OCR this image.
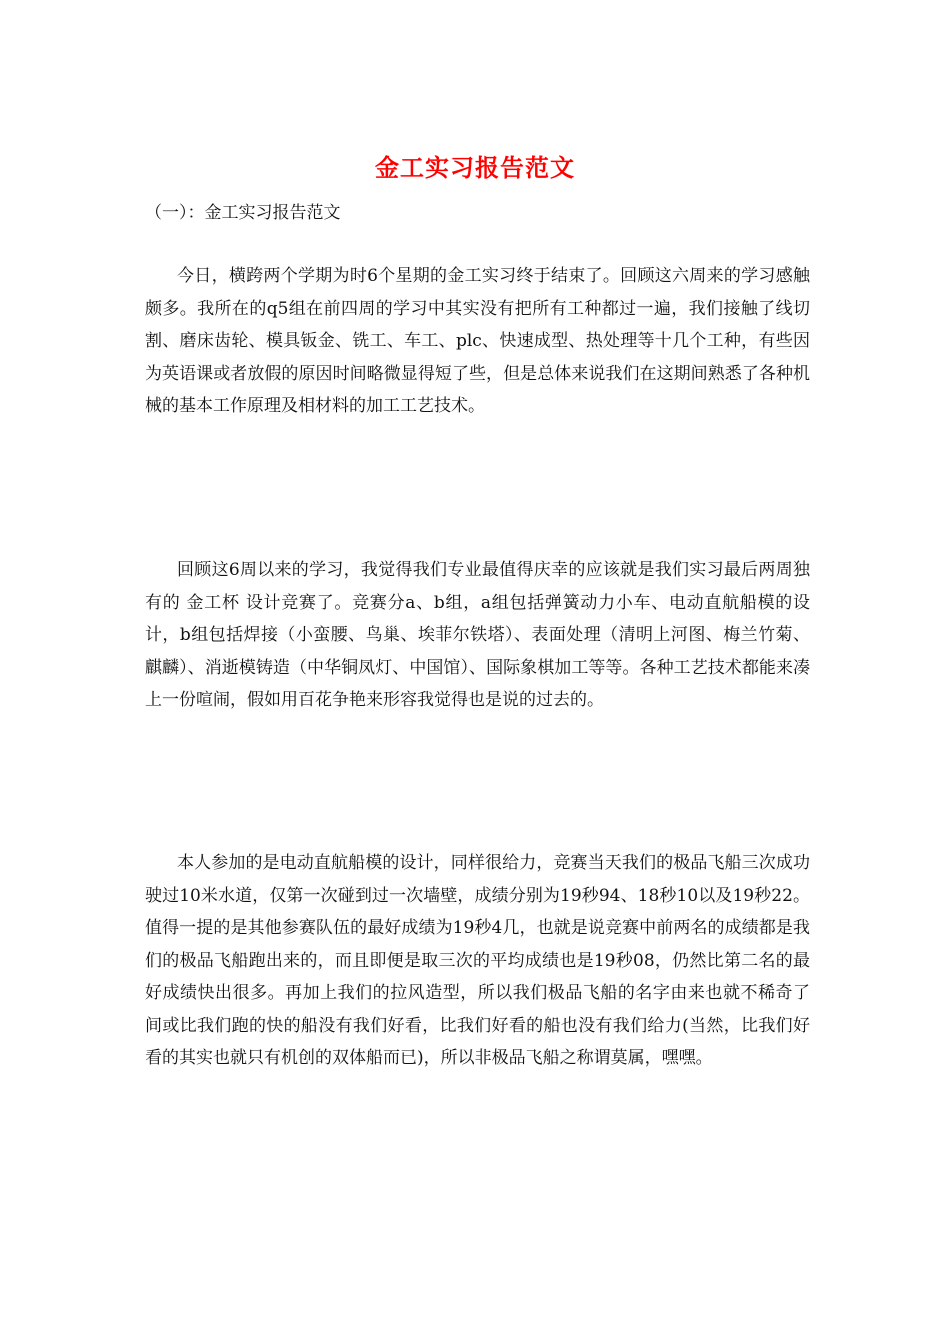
金工实习报告范文
（一）：金工实习报告范文

今日，横跨两个学期为时6个星期的金工实习终于结束了。回顾这六周来的学习感触颇多。我所在的q5组在前四周的学习中其实没有把所有工种都过一遍，我们接触了线切割、磨床齿轮、模具钣金、铣工、车工、plc、快速成型、热处理等十几个工种，有些因为英语课或者放假的原因时间略微显得短了些，但是总体来说我们在这期间熟悉了各种机械的基本工作原理及相材料的加工工艺技术。

回顾这6周以来的学习，我觉得我们专业最值得庆幸的应该就是我们实习最后两周独有的 金工杯 设计竞赛了。竞赛分a、b组，a组包括弹簧动力小车、电动直航船模的设计，b组包括焊接（小蛮腰、鸟巢、埃菲尔铁塔）、表面处理（清明上河图、梅兰竹菊、麒麟）、消逝模铸造（中华铜凤灯、中国馆）、国际象棋加工等等。各种工艺技术都能来凑上一份喧闹，假如用百花争艳来形容我觉得也是说的过去的。

本人参加的是电动直航船模的设计，同样很给力，竞赛当天我们的极品飞船三次成功驶过10米水道，仅第一次碰到过一次墙壁，成绩分别为19秒94、18秒10以及19秒22。值得一提的是其他参赛队伍的最好成绩为19秒4几，也就是说竞赛中前两名的成绩都是我们的极品飞船跑出来的，而且即便是取三次的平均成绩也是19秒08，仍然比第二名的最好成绩快出很多。再加上我们的拉风造型，所以我们极品飞船的名字由来也就不稀奇了 间或比我们跑的快的船没有我们好看，比我们好看的船也没有我们给力(当然，比我们好看的其实也就只有机创的双体船而已)，所以非极品飞船之称谓莫属，嘿嘿。
